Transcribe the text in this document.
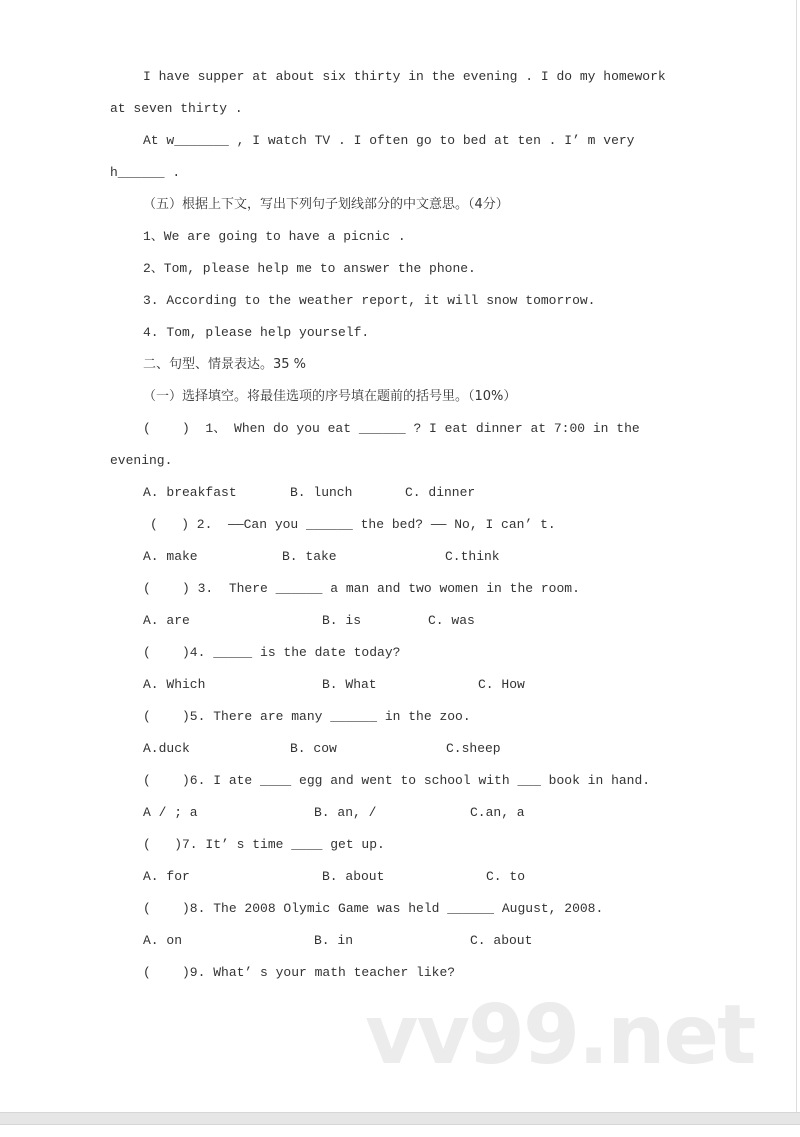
I have supper at about six thirty in the evening . I do my homework
at seven thirty .
At w_______ , I watch TV . I often go to bed at ten . I’ m very
h______ .
（五）根据上下文，写出下列句子划线部分的中文意思。（4分）
1、We are going to have a picnic .
2、Tom, please help me to answer the phone.
3. According to the weather report, it will snow tomorrow.
4. Tom, please help yourself.
二、句型、情景表达。35 %
（一）选择填空。将最佳选项的序号填在题前的括号里。（10%）
(    )  1、 When do you eat ______ ? I eat dinner at 7:00 in the
evening.
A. breakfast	B. lunch	C. dinner
(   ) 2.  ——Can you ______ the bed? —— No, I can’ t.
A. make	B. take	C.think
(    ) 3.  There ______ a man and two women in the room.
A. are	B. is	C. was
(    )4. _____ is the date today?
A. Which	B. What	C. How
(    )5. There are many ______ in the zoo.
A.duck	B. cow	C.sheep
(    )6. I ate ____ egg and went to school with ___ book in hand.
A / ; a	B. an, /	C.an, a
(   )7. It’ s time ____ get up.
A. for	B. about	C. to
(    )8. The 2008 Olymic Game was held ______ August, 2008.
A. on	B. in	C. about
(    )9. What’ s your math teacher like?
vv99.net
